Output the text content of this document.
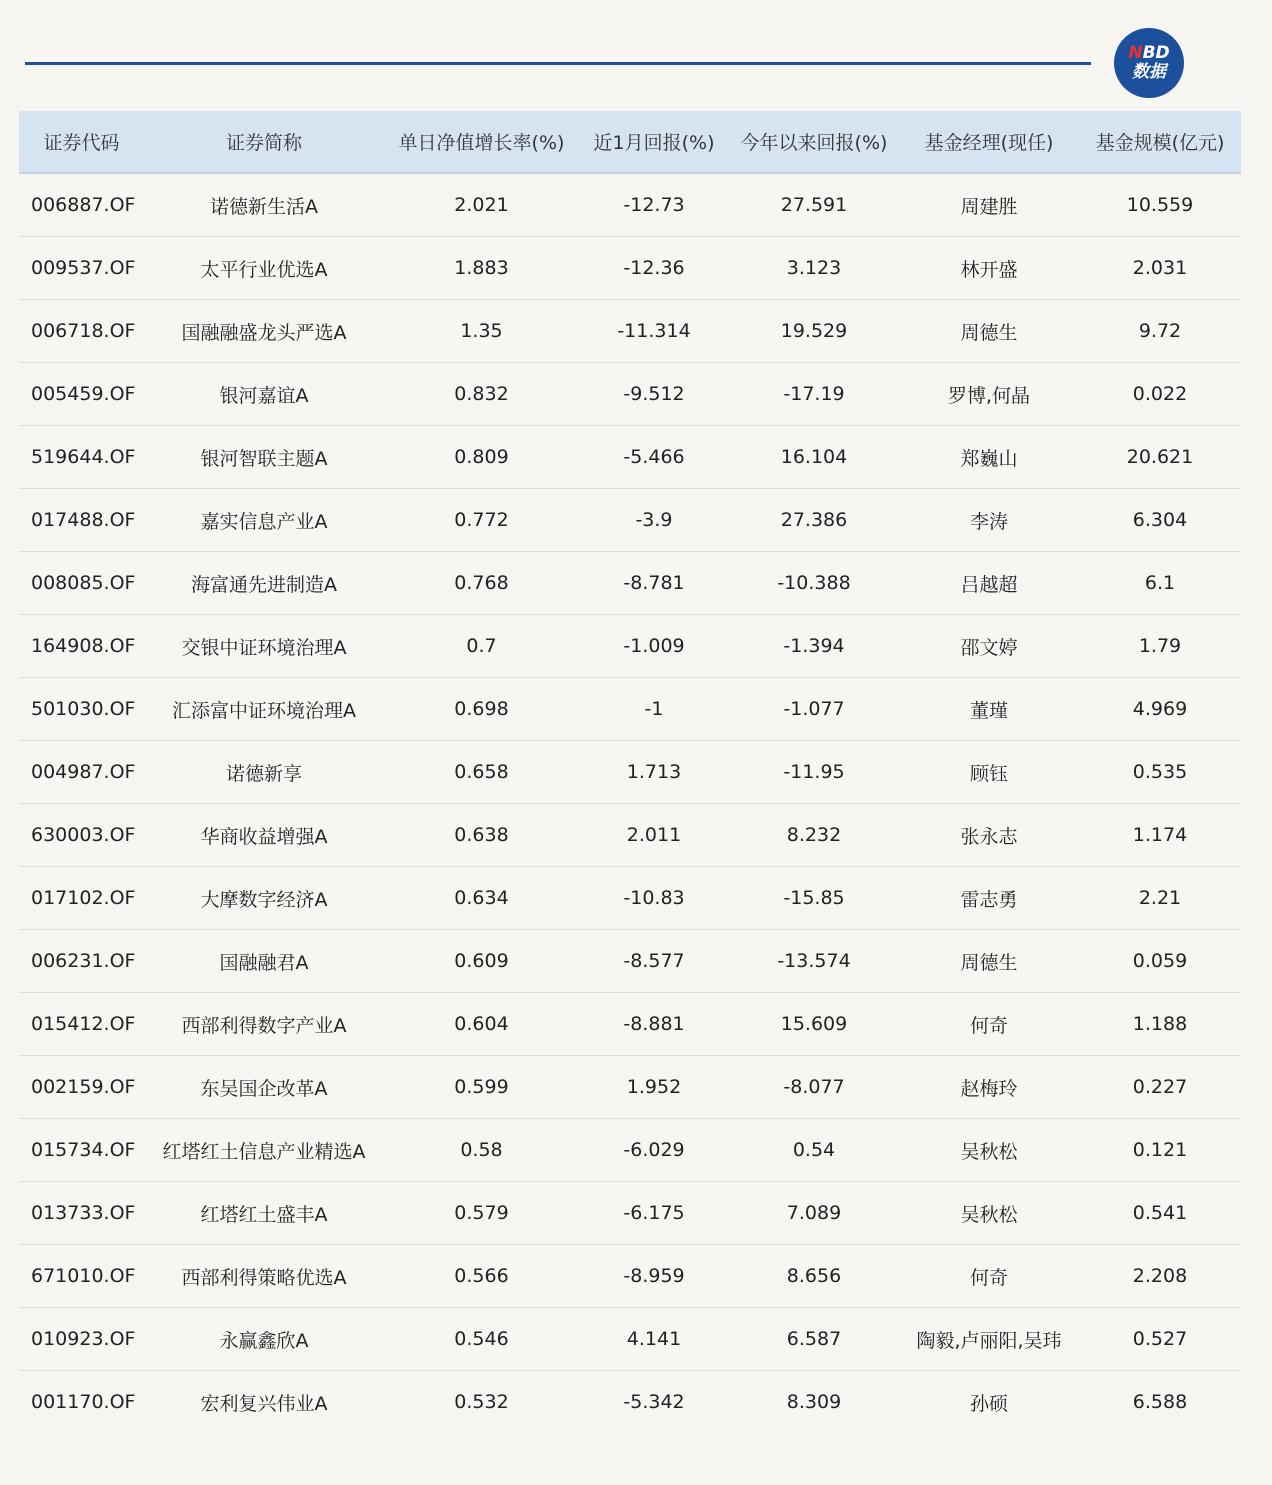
NBD
数据
证券代码	证券简称	单日净值增长率(%)	近1月回报(%)	今年以来回报(%)	基金经理(现任)	基金规模(亿元)
006887.OF	诺德新生活A	2.021	-12.73	27.591	周建胜	10.559
009537.OF	太平行业优选A	1.883	-12.36	3.123	林开盛	2.031
006718.OF	国融融盛龙头严选A	1.35	-11.314	19.529	周德生	9.72
005459.OF	银河嘉谊A	0.832	-9.512	-17.19	罗博,何晶	0.022
519644.OF	银河智联主题A	0.809	-5.466	16.104	郑巍山	20.621
017488.OF	嘉实信息产业A	0.772	-3.9	27.386	李涛	6.304
008085.OF	海富通先进制造A	0.768	-8.781	-10.388	吕越超	6.1
164908.OF	交银中证环境治理A	0.7	-1.009	-1.394	邵文婷	1.79
501030.OF	汇添富中证环境治理A	0.698	-1	-1.077	董瑾	4.969
004987.OF	诺德新享	0.658	1.713	-11.95	顾钰	0.535
630003.OF	华商收益增强A	0.638	2.011	8.232	张永志	1.174
017102.OF	大摩数字经济A	0.634	-10.83	-15.85	雷志勇	2.21
006231.OF	国融融君A	0.609	-8.577	-13.574	周德生	0.059
015412.OF	西部利得数字产业A	0.604	-8.881	15.609	何奇	1.188
002159.OF	东吴国企改革A	0.599	1.952	-8.077	赵梅玲	0.227
015734.OF	红塔红土信息产业精选A	0.58	-6.029	0.54	吴秋松	0.121
013733.OF	红塔红土盛丰A	0.579	-6.175	7.089	吴秋松	0.541
671010.OF	西部利得策略优选A	0.566	-8.959	8.656	何奇	2.208
010923.OF	永赢鑫欣A	0.546	4.141	6.587	陶毅,卢丽阳,吴玮	0.527
001170.OF	宏利复兴伟业A	0.532	-5.342	8.309	孙硕	6.588
